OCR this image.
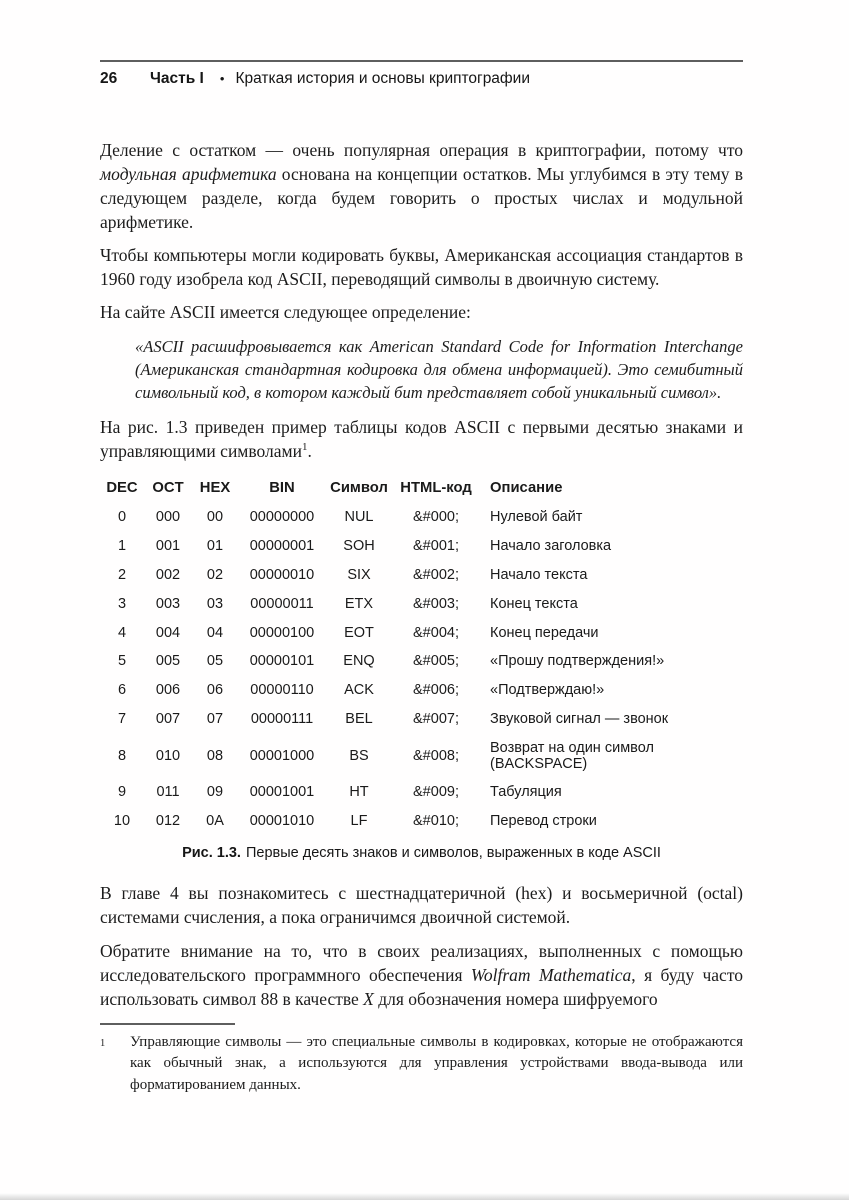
26	Часть I • Краткая история и основы криптографии

Деление с остатком — очень популярная операция в криптографии, потому что модульная арифметика основана на концепции остатков. Мы углубимся в эту тему в следующем разделе, когда будем говорить о простых числах и модульной арифметике.

Чтобы компьютеры могли кодировать буквы, Американская ассоциация стандартов в 1960 году изобрела код ASCII, переводящий символы в двоичную систему.

На сайте ASCII имеется следующее определение:

«ASCII расшифровывается как American Standard Code for Information Interchange (Американская стандартная кодировка для обмена информацией). Это семибитный символьный код, в котором каждый бит представляет собой уникальный символ».

На рис. 1.3 приведен пример таблицы кодов ASCII с первыми десятью знаками и управляющими символами$^1$.

DEC	OCT	HEX	BIN	Символ	HTML-код	Описание
0	000	00	00000000	NUL	&#000;	Нулевой байт
1	001	01	00000001	SOH	&#001;	Начало заголовка
2	002	02	00000010	SIX	&#002;	Начало текста
3	003	03	00000011	ETX	&#003;	Конец текста
4	004	04	00000100	EOT	&#004;	Конец передачи
5	005	05	00000101	ENQ	&#005;	«Прошу подтверждения!»
6	006	06	00000110	ACK	&#006;	«Подтверждаю!»
7	007	07	00000111	BEL	&#007;	Звуковой сигнал — звонок
8	010	08	00001000	BS	&#008;	Возврат на один символ (BACKSPACE)
9	011	09	00001001	HT	&#009;	Табуляция
10	012	0A	00001010	LF	&#010;	Перевод строки
Рис. 1.3. Первые десять знаков и символов, выраженных в коде ASCII

В главе 4 вы познакомитесь с шестнадцатеричной (hex) и восьмеричной (octal) системами счисления, а пока ограничимся двоичной системой.

Обратите внимание на то, что в своих реализациях, выполненных с помощью исследовательского программного обеспечения Wolfram Mathematica, я буду часто использовать символ 88 в качестве X для обозначения номера шифруемого

1	Управляющие символы — это специальные символы в кодировках, которые не отображаются как обычный знак, а используются для управления устройствами ввода-вывода или форматированием данных.
